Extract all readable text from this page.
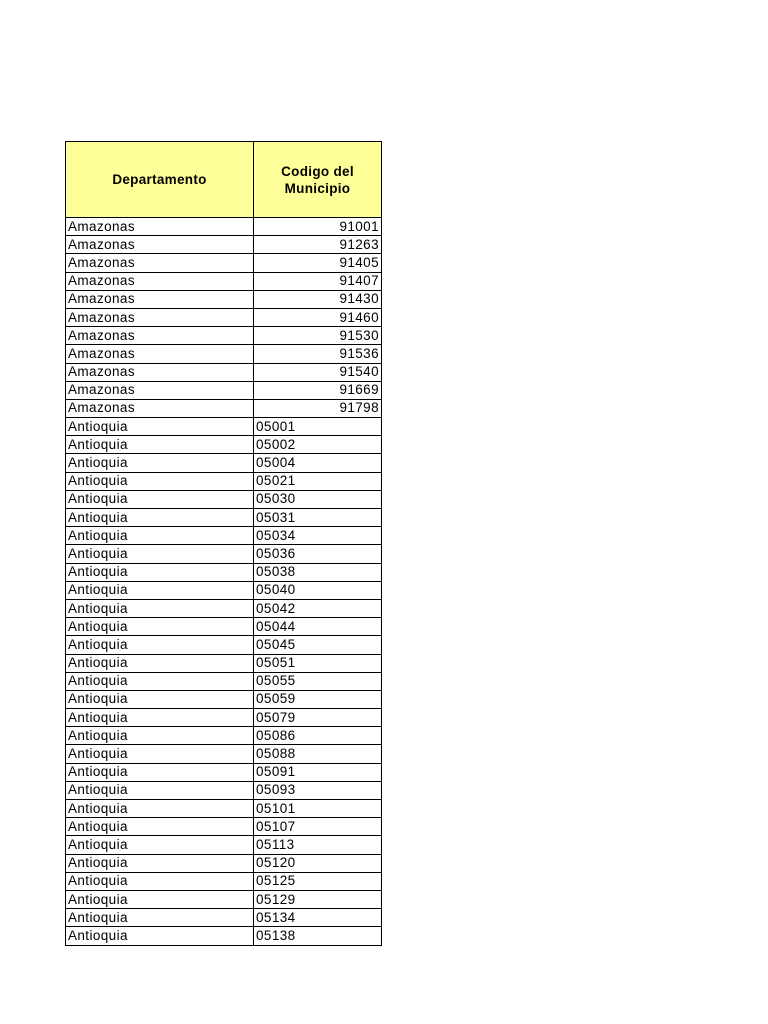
Departamento	Codigo del
Municipio
Amazonas	91001
Amazonas	91263
Amazonas	91405
Amazonas	91407
Amazonas	91430
Amazonas	91460
Amazonas	91530
Amazonas	91536
Amazonas	91540
Amazonas	91669
Amazonas	91798
Antioquia	05001
Antioquia	05002
Antioquia	05004
Antioquia	05021
Antioquia	05030
Antioquia	05031
Antioquia	05034
Antioquia	05036
Antioquia	05038
Antioquia	05040
Antioquia	05042
Antioquia	05044
Antioquia	05045
Antioquia	05051
Antioquia	05055
Antioquia	05059
Antioquia	05079
Antioquia	05086
Antioquia	05088
Antioquia	05091
Antioquia	05093
Antioquia	05101
Antioquia	05107
Antioquia	05113
Antioquia	05120
Antioquia	05125
Antioquia	05129
Antioquia	05134
Antioquia	05138
